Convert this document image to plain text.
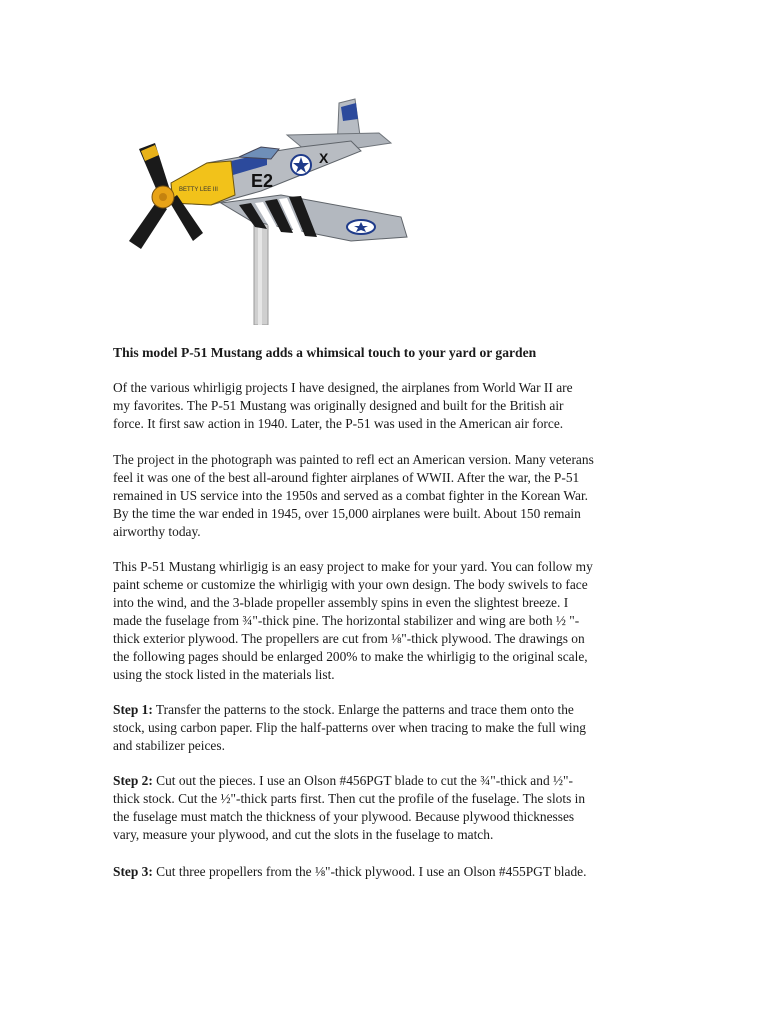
BETTY LEE III E2
X
This model P-51 Mustang adds a whimsical touch to your yard or garden
Of the various whirligig projects I have designed, the airplanes from World War II are
my favorites. The P-51 Mustang was originally designed and built for the British air
force. It first saw action in 1940. Later, the P-51 was used in the American air force.
The project in the photograph was painted to refl ect an American version. Many veterans
feel it was one of the best all-around fighter airplanes of WWII. After the war, the P-51
remained in US service into the 1950s and served as a combat fighter in the Korean War.
By the time the war ended in 1945, over 15,000 airplanes were built. About 150 remain
airworthy today.
This P-51 Mustang whirligig is an easy project to make for your yard. You can follow my
paint scheme or customize the whirligig with your own design. The body swivels to face
into the wind, and the 3-blade propeller assembly spins in even the slightest breeze. I
made the fuselage from ¾"-thick pine. The horizontal stabilizer and wing are both ½ "-
thick exterior plywood. The propellers are cut from ⅛"-thick plywood. The drawings on
the following pages should be enlarged 200% to make the whirligig to the original scale,
using the stock listed in the materials list.
Step 1: Transfer the patterns to the stock. Enlarge the patterns and trace them onto the
stock, using carbon paper. Flip the half-patterns over when tracing to make the full wing
and stabilizer peices.
Step 2: Cut out the pieces. I use an Olson #456PGT blade to cut the ¾"-thick and ½"-
thick stock. Cut the ½"-thick parts first. Then cut the profile of the fuselage. The slots in
the fuselage must match the thickness of your plywood. Because plywood thicknesses
vary, measure your plywood, and cut the slots in the fuselage to match.
Step 3: Cut three propellers from the ⅛"-thick plywood. I use an Olson #455PGT blade.
